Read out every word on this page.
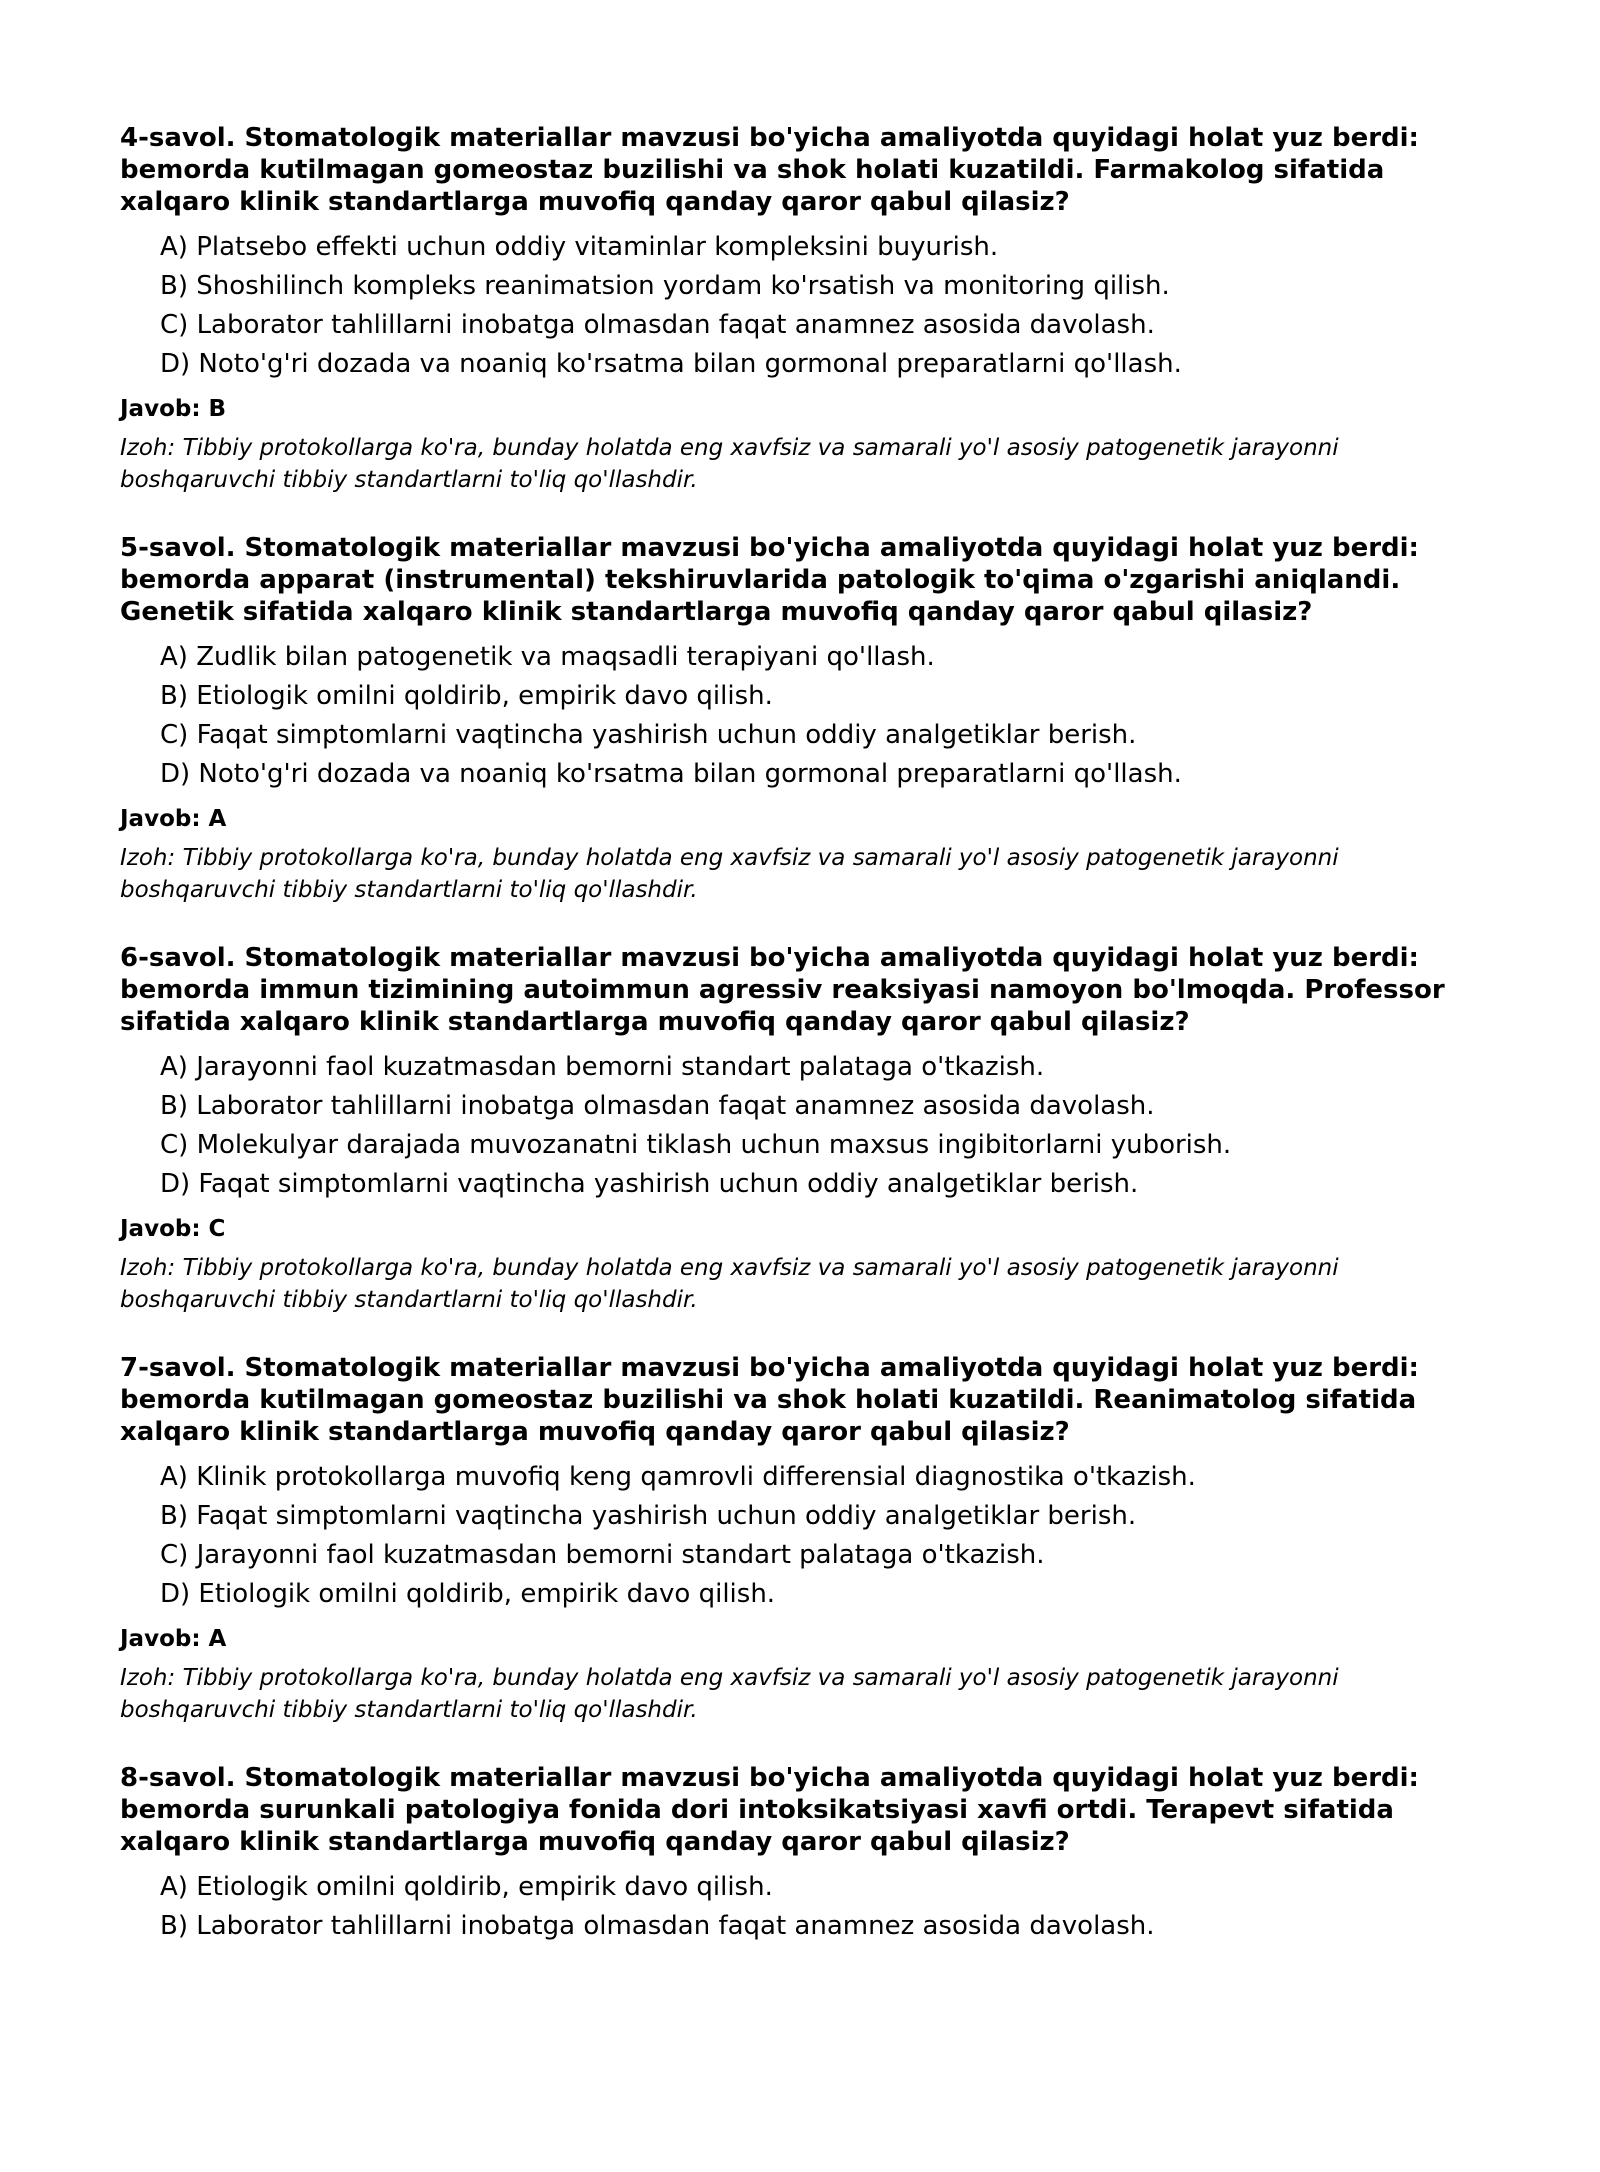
4-savol. Stomatologik materiallar mavzusi bo'yicha amaliyotda quyidagi holat yuz berdi: bemorda kutilmagan gomeostaz buzilishi va shok holati kuzatildi. Farmakolog sifatida xalqaro klinik standartlarga muvofiq qanday qaror qabul qilasiz?

A) Platsebo effekti uchun oddiy vitaminlar kompleksini buyurish.
B) Shoshilinch kompleks reanimatsion yordam ko'rsatish va monitoring qilish.
C) Laborator tahlillarni inobatga olmasdan faqat anamnez asosida davolash.
D) Noto'g'ri dozada va noaniq ko'rsatma bilan gormonal preparatlarni qo'llash.

Javob: B

Izoh: Tibbiy protokollarga ko'ra, bunday holatda eng xavfsiz va samarali yo'l asosiy patogenetik jarayonni boshqaruvchi tibbiy standartlarni to'liq qo'llashdir.

5-savol. Stomatologik materiallar mavzusi bo'yicha amaliyotda quyidagi holat yuz berdi: bemorda apparat (instrumental) tekshiruvlarida patologik to'qima o'zgarishi aniqlandi. Genetik sifatida xalqaro klinik standartlarga muvofiq qanday qaror qabul qilasiz?

A) Zudlik bilan patogenetik va maqsadli terapiyani qo'llash.
B) Etiologik omilni qoldirib, empirik davo qilish.
C) Faqat simptomlarni vaqtincha yashirish uchun oddiy analgetiklar berish.
D) Noto'g'ri dozada va noaniq ko'rsatma bilan gormonal preparatlarni qo'llash.

Javob: A

Izoh: Tibbiy protokollarga ko'ra, bunday holatda eng xavfsiz va samarali yo'l asosiy patogenetik jarayonni boshqaruvchi tibbiy standartlarni to'liq qo'llashdir.

6-savol. Stomatologik materiallar mavzusi bo'yicha amaliyotda quyidagi holat yuz berdi: bemorda immun tizimining autoimmun agressiv reaksiyasi namoyon bo'lmoqda. Professor sifatida xalqaro klinik standartlarga muvofiq qanday qaror qabul qilasiz?

A) Jarayonni faol kuzatmasdan bemorni standart palataga o'tkazish.
B) Laborator tahlillarni inobatga olmasdan faqat anamnez asosida davolash.
C) Molekulyar darajada muvozanatni tiklash uchun maxsus ingibitorlarni yuborish.
D) Faqat simptomlarni vaqtincha yashirish uchun oddiy analgetiklar berish.

Javob: C

Izoh: Tibbiy protokollarga ko'ra, bunday holatda eng xavfsiz va samarali yo'l asosiy patogenetik jarayonni boshqaruvchi tibbiy standartlarni to'liq qo'llashdir.

7-savol. Stomatologik materiallar mavzusi bo'yicha amaliyotda quyidagi holat yuz berdi: bemorda kutilmagan gomeostaz buzilishi va shok holati kuzatildi. Reanimatolog sifatida xalqaro klinik standartlarga muvofiq qanday qaror qabul qilasiz?

A) Klinik protokollarga muvofiq keng qamrovli differensial diagnostika o'tkazish.
B) Faqat simptomlarni vaqtincha yashirish uchun oddiy analgetiklar berish.
C) Jarayonni faol kuzatmasdan bemorni standart palataga o'tkazish.
D) Etiologik omilni qoldirib, empirik davo qilish.

Javob: A

Izoh: Tibbiy protokollarga ko'ra, bunday holatda eng xavfsiz va samarali yo'l asosiy patogenetik jarayonni boshqaruvchi tibbiy standartlarni to'liq qo'llashdir.

8-savol. Stomatologik materiallar mavzusi bo'yicha amaliyotda quyidagi holat yuz berdi: bemorda surunkali patologiya fonida dori intoksikatsiyasi xavfi ortdi. Terapevt sifatida xalqaro klinik standartlarga muvofiq qanday qaror qabul qilasiz?

A) Etiologik omilni qoldirib, empirik davo qilish.
B) Laborator tahlillarni inobatga olmasdan faqat anamnez asosida davolash.
